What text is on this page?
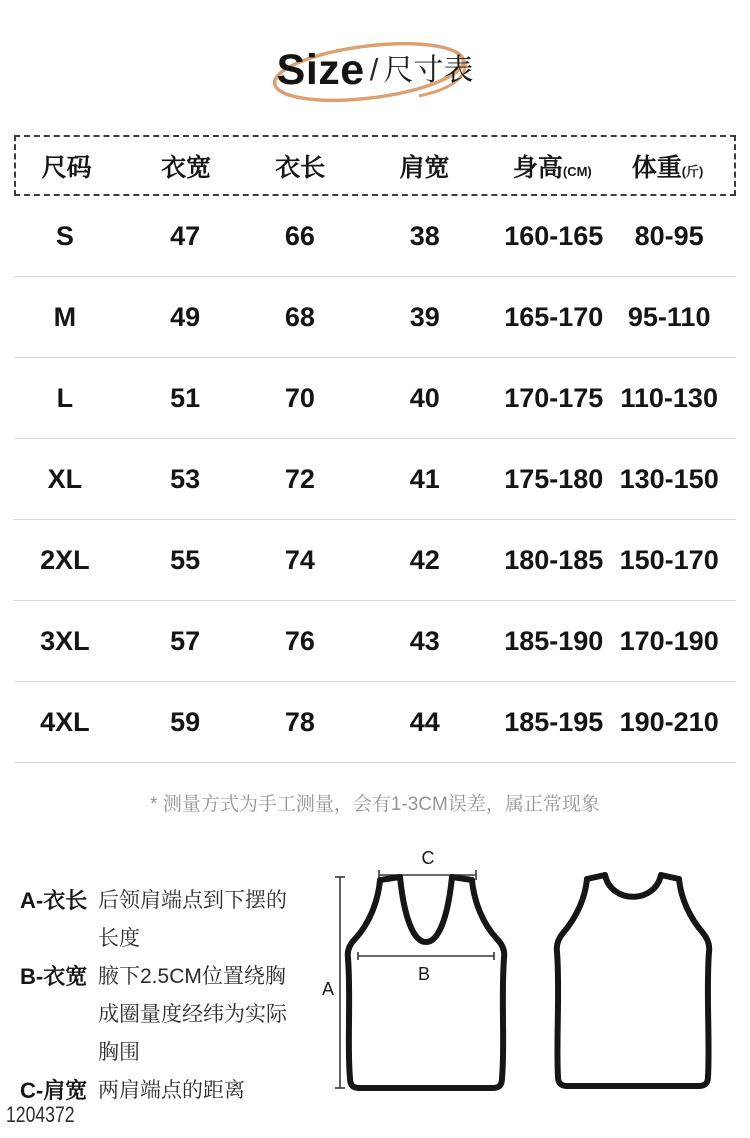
Size / 尺寸表
尺码	衣宽	衣长	肩宽	身高(CM)	体重(斤)
S	47	66	38	160-165	80-95
M	49	68	39	165-170 95-110
L	51	70	40	170-175 110-130
XL	53	72	41	175-180 130-150
2XL	55	74	42	180-185 150-170
3XL	57	76	43	185-190 170-190
4XL	59	78	44	185-195 190-210
* 测量方式为手工测量，会有1-3CM误差，属正常现象
A-衣长 后领肩端点到下摆的
长度
B-衣宽 腋下2.5CM位置绕胸
成圈量度经纬为实际
胸围
C-肩宽 两肩端点的距离
C
A
B
1204372
